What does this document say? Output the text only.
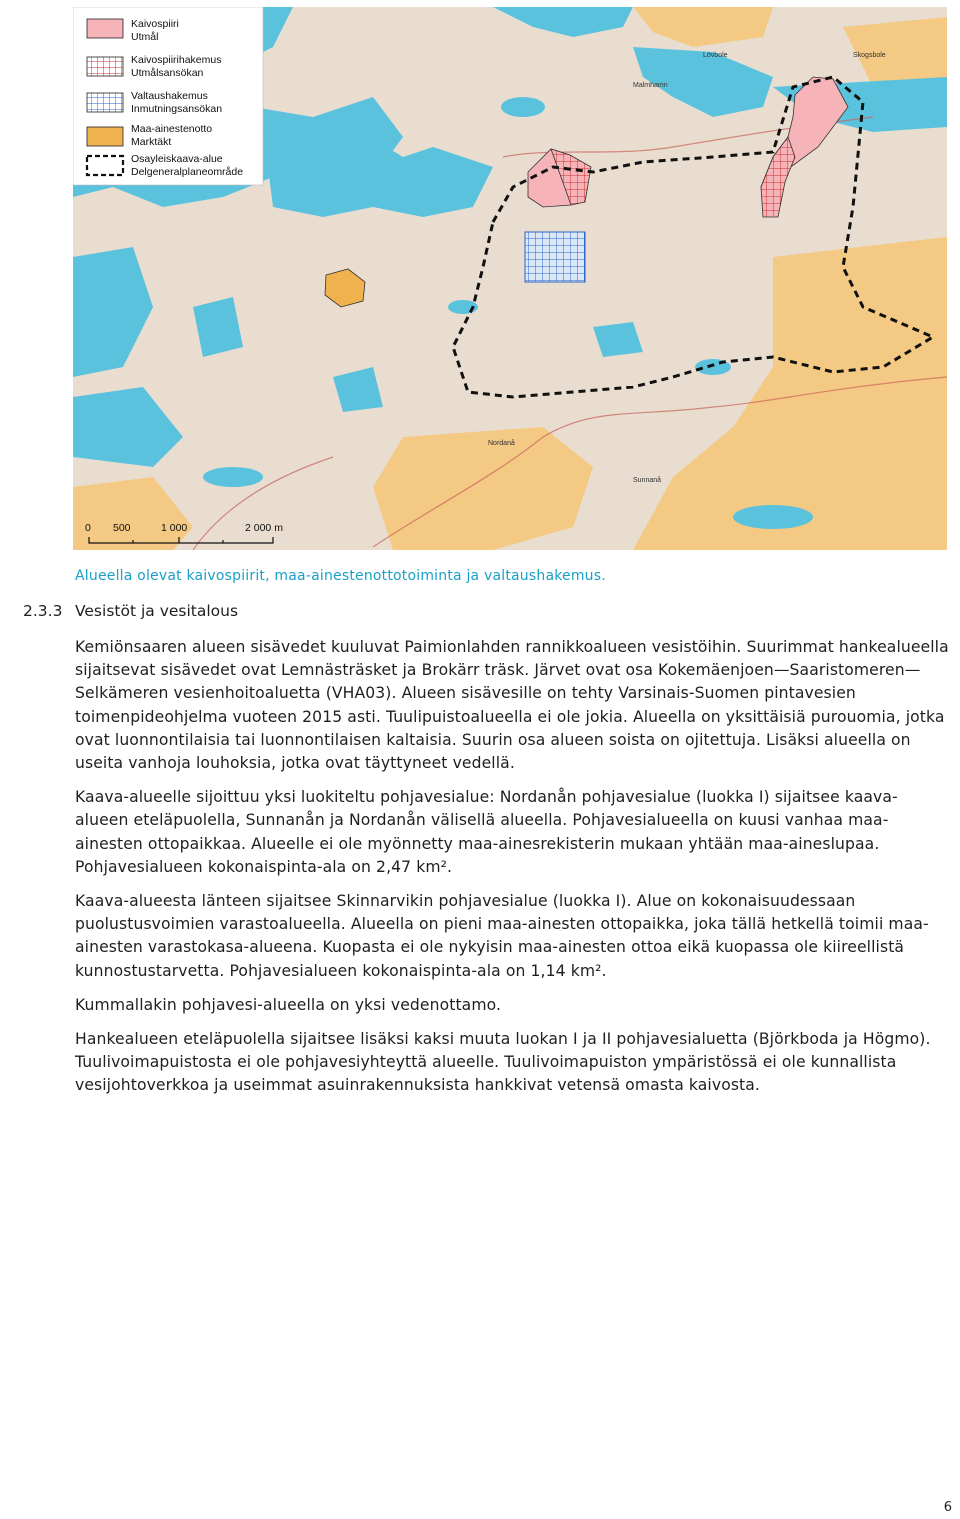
Lövbole	Skogsbole
Nordanå
Sunnanå
Malmhamn
Kaivospiiri
Utmål
Kaivospiirihakemus
Utmålsansökan
Valtaushakemus
Inmutningsansökan
Maa-ainestenotto
Marktäkt
Osayleiskaava-alue
Delgeneralplaneområde
0 500	1 000	2 000 m
Alueella olevat kaivospiirit, maa-ainestenottotoiminta ja valtaushakemus.
2.3.3 Vesistöt ja vesitalous

Kemiönsaaren alueen sisävedet kuuluvat Paimionlahden rannikkoalueen vesistöihin. Suurimmat hankealueella sijaitsevat sisävedet ovat Lemnästräsket ja Brokärr träsk. Järvet ovat osa Kokemäenjoen—Saaristomeren—Selkämeren vesienhoitoaluetta (VHA03). Alueen sisävesille on tehty Varsinais-Suomen pintavesien toimenpideohjelma vuoteen 2015 asti. Tuulipuistoalueella ei ole jokia. Alueella on yksittäisiä purouomia, jotka ovat luonnontilaisia tai luonnontilaisen kaltaisia. Suurin osa alueen soista on ojitettuja. Lisäksi alueella on useita vanhoja louhoksia, jotka ovat täyttyneet vedellä.

Kaava-alueelle sijoittuu yksi luokiteltu pohjavesialue: Nordanån pohjavesialue (luokka I) sijaitsee kaava-alueen eteläpuolella, Sunnanån ja Nordanån välisellä alueella. Pohjavesialueella on kuusi vanhaa maa-ainesten ottopaikkaa. Alueelle ei ole myönnetty maa-ainesrekisterin mukaan yhtään maa-aineslupaa. Pohjavesialueen kokonaispinta-ala on 2,47 km².

Kaava-alueesta länteen sijaitsee Skinnarvikin pohjavesialue (luokka I). Alue on kokonaisuudessaan puolustusvoimien varastoalueella. Alueella on pieni maa-ainesten ottopaikka, joka tällä hetkellä toimii maa-ainesten varastokasa-alueena. Kuopasta ei ole nykyisin maa-ainesten ottoa eikä kuopassa ole kiireellistä kunnostustarvetta. Pohjavesialueen kokonaispinta-ala on 1,14 km².

Kummallakin pohjavesi-alueella on yksi vedenottamo.

Hankealueen eteläpuolella sijaitsee lisäksi kaksi muuta luokan I ja II pohjavesialuetta (Björkboda ja Högmo). Tuulivoimapuistosta ei ole pohjavesiyhteyttä alueelle. Tuulivoimapuiston ympäristössä ei ole kunnallista vesijohtoverkkoa ja useimmat asuinrakennuksista hankkivat vetensä omasta kaivosta.

6
